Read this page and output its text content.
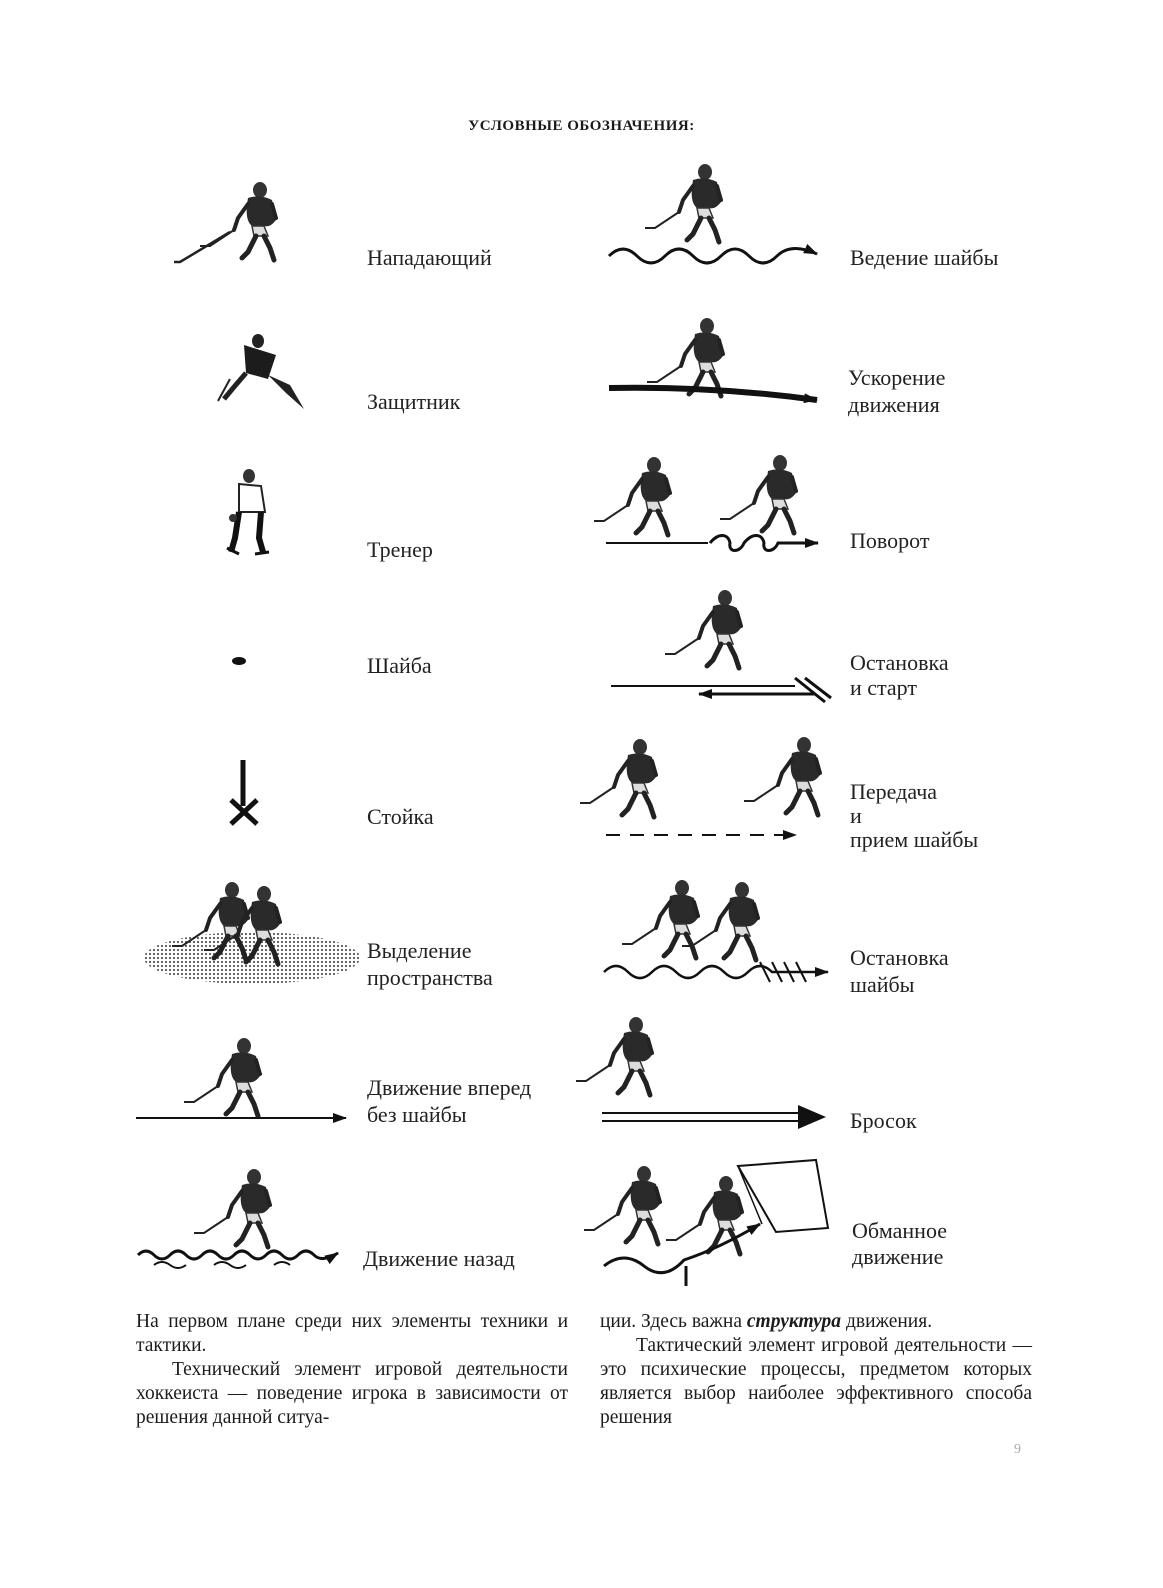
УСЛОВНЫЕ ОБОЗНАЧЕНИЯ:
Нападающий
Защитник
Тренер
Шайба
Стойка
Выделение
пространства
Движение вперед
без шайбы
Движение назад
Ведение шайбы
Ускорение
движения
Поворот
Остановка
и старт
Передача
и
прием шайбы
Остановка
шайбы
Бросок
Обманное
движение

На первом плане среди них элементы техники и тактики.

Технический элемент игровой деятельности хоккеиста — поведение игрока в зависимости от решения данной ситуа-

ции. Здесь важна структура движения.

Тактический элемент игровой деятельности — это психические процессы, предметом которых является выбор наиболее эффективного способа решения

9
